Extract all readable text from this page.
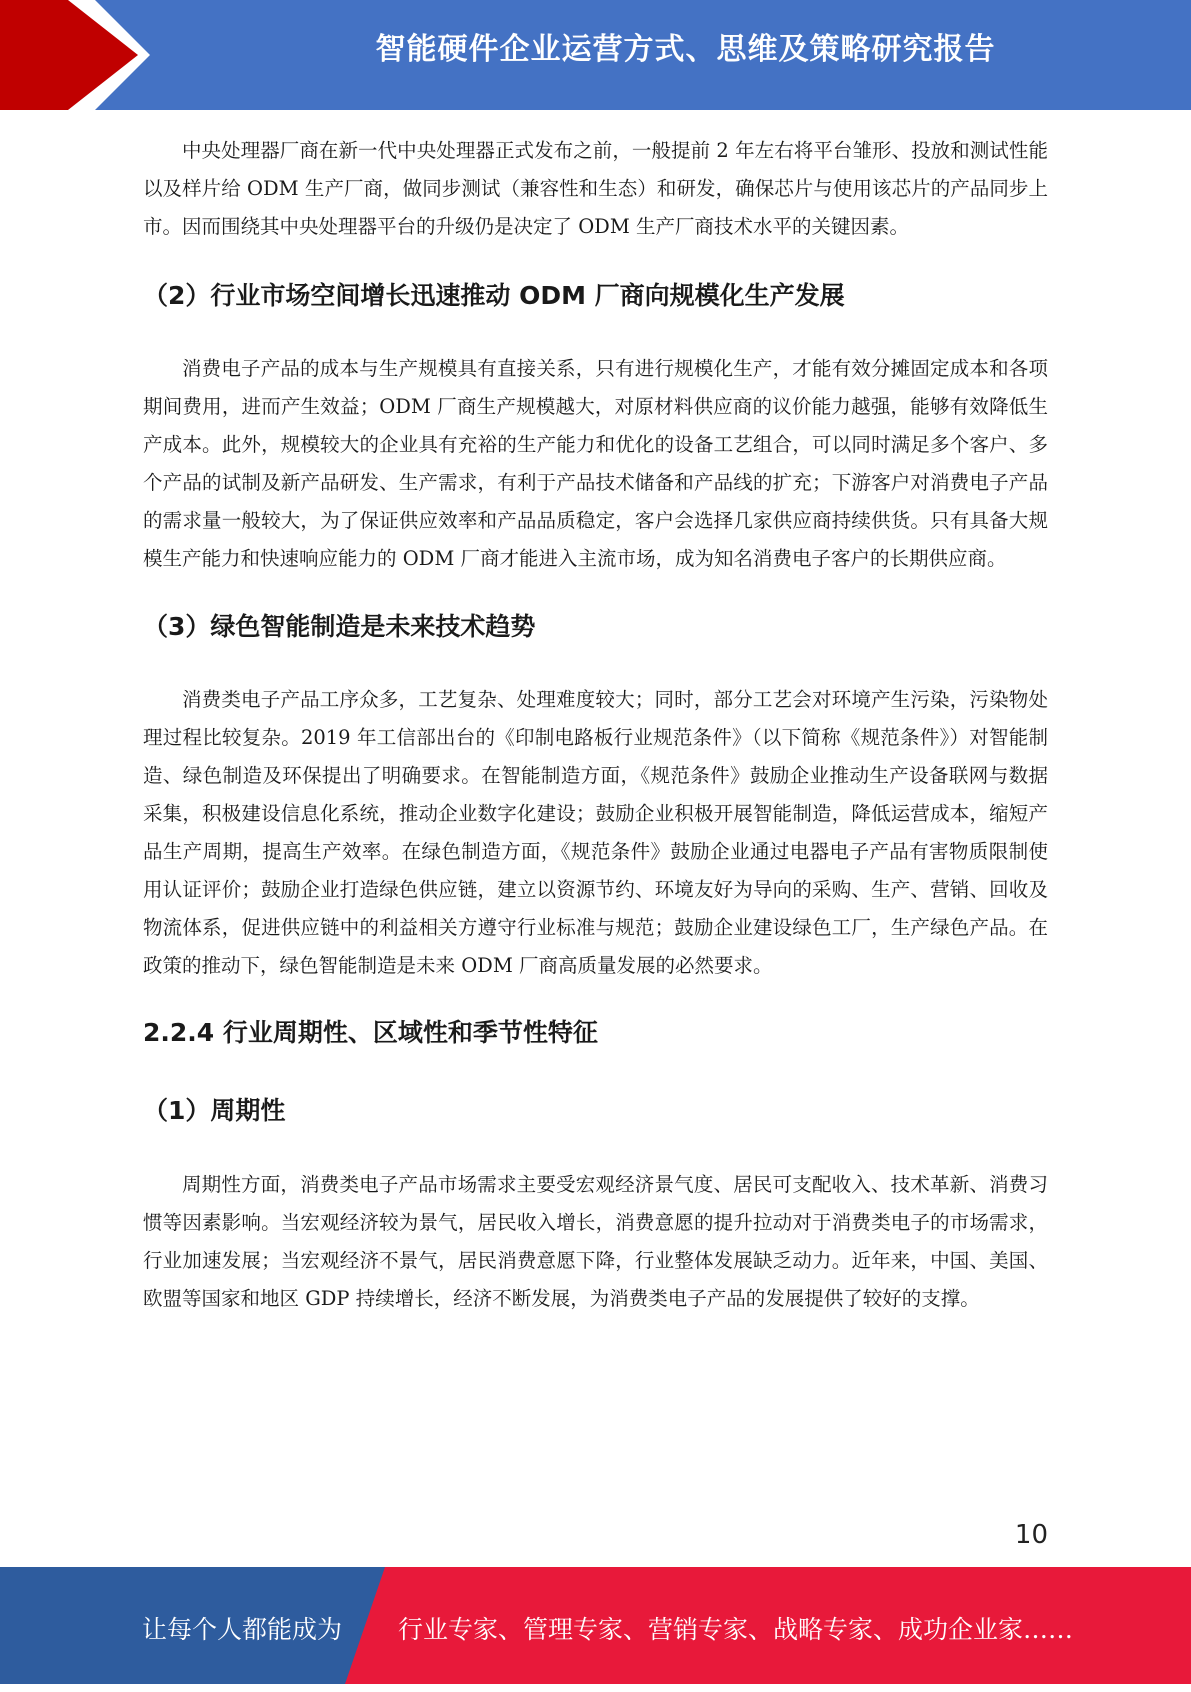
智能硬件企业运营方式、思维及策略研究报告

中央处理器厂商在新一代中央处理器正式发布之前，一般提前 2 年左右将平台雏形、投放和测试性能以及样片给 ODM 生产厂商，做同步测试（兼容性和生态）和研发，确保芯片与使用该芯片的产品同步上市。因而围绕其中央处理器平台的升级仍是决定了 ODM 生产厂商技术水平的关键因素。

（2）行业市场空间增长迅速推动 ODM 厂商向规模化生产发展

消费电子产品的成本与生产规模具有直接关系，只有进行规模化生产，才能有效分摊固定成本和各项期间费用，进而产生效益；ODM 厂商生产规模越大，对原材料供应商的议价能力越强，能够有效降低生产成本。此外，规模较大的企业具有充裕的生产能力和优化的设备工艺组合，可以同时满足多个客户、多个产品的试制及新产品研发、生产需求，有利于产品技术储备和产品线的扩充；下游客户对消费电子产品的需求量一般较大，为了保证供应效率和产品品质稳定，客户会选择几家供应商持续供货。只有具备大规模生产能力和快速响应能力的 ODM 厂商才能进入主流市场，成为知名消费电子客户的长期供应商。

（3）绿色智能制造是未来技术趋势

消费类电子产品工序众多，工艺复杂、处理难度较大；同时，部分工艺会对环境产生污染，污染物处理过程比较复杂。2019 年工信部出台的《印制电路板行业规范条件》（以下简称《规范条件》）对智能制造、绿色制造及环保提出了明确要求。在智能制造方面，《规范条件》鼓励企业推动生产设备联网与数据采集，积极建设信息化系统，推动企业数字化建设；鼓励企业积极开展智能制造，降低运营成本，缩短产品生产周期，提高生产效率。在绿色制造方面，《规范条件》鼓励企业通过电器电子产品有害物质限制使用认证评价；鼓励企业打造绿色供应链，建立以资源节约、环境友好为导向的采购、生产、营销、回收及物流体系，促进供应链中的利益相关方遵守行业标准与规范；鼓励企业建设绿色工厂，生产绿色产品。在政策的推动下，绿色智能制造是未来 ODM 厂商高质量发展的必然要求。

2.2.4 行业周期性、区域性和季节性特征
（1）周期性

周期性方面，消费类电子产品市场需求主要受宏观经济景气度、居民可支配收入、技术革新、消费习惯等因素影响。当宏观经济较为景气，居民收入增长，消费意愿的提升拉动对于消费类电子的市场需求，行业加速发展；当宏观经济不景气，居民消费意愿下降，行业整体发展缺乏动力。近年来，中国、美国、欧盟等国家和地区 GDP 持续增长，经济不断发展，为消费类电子产品的发展提供了较好的支撑。

10
让每个人都能成为 行业专家、管理专家、营销专家、战略专家、成功企业家……
